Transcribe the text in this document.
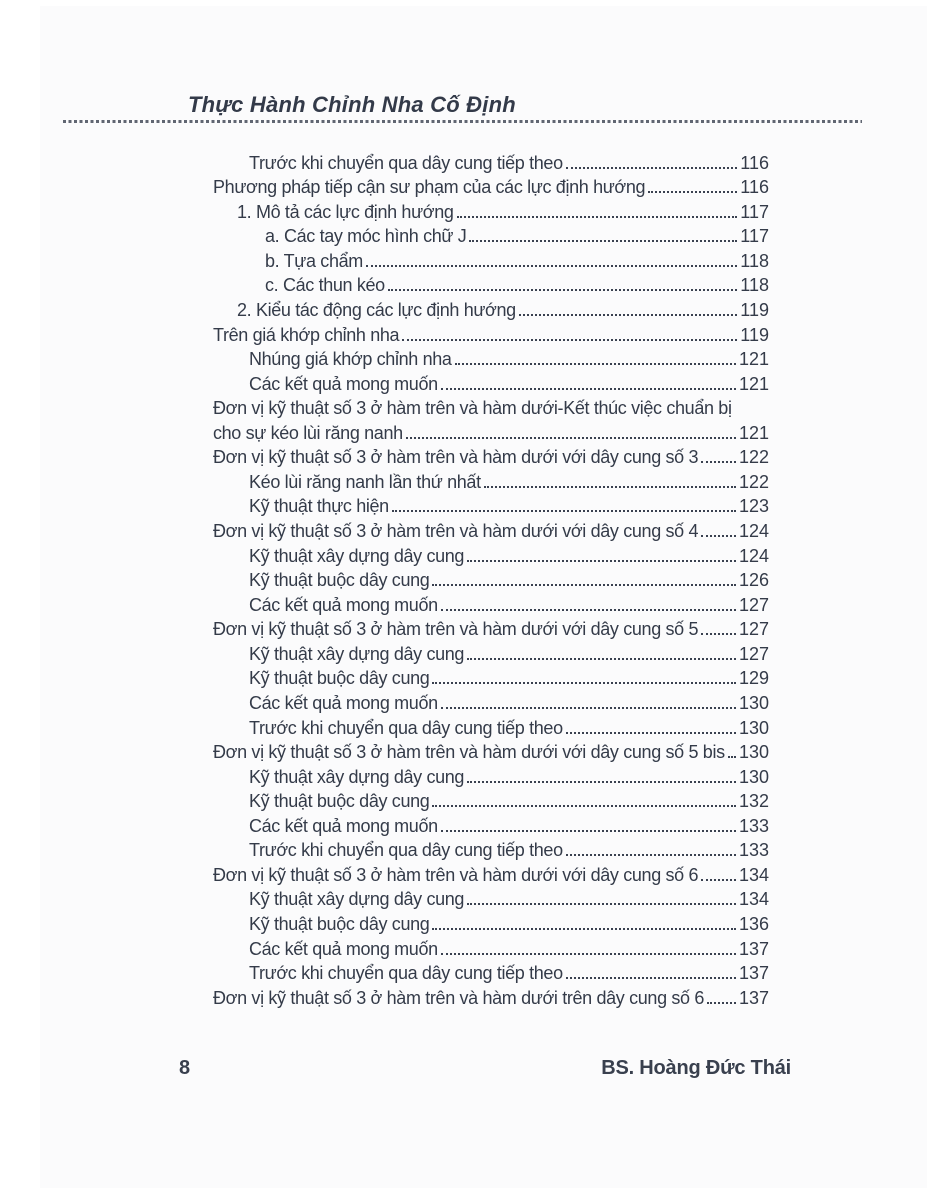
Thực Hành Chỉnh Nha Cố Định
Trước khi chuyển qua dây cung tiếp theo	116
Phương pháp tiếp cận sư phạm của các lực định hướng	116
1. Mô tả các lực định hướng	117
a. Các tay móc hình chữ J	117
b. Tựa chẩm	118
c. Các thun kéo	118
2. Kiểu tác động các lực định hướng	119
Trên giá khớp chỉnh nha	119
Nhúng giá khớp chỉnh nha	121
Các kết quả mong muốn	121
Đơn vị kỹ thuật số 3 ở hàm trên và hàm dưới-Kết thúc việc chuẩn bị
cho sự kéo lùi răng nanh	121
Đơn vị kỹ thuật số 3 ở hàm trên và hàm dưới với dây cung số 3 122
Kéo lùi răng nanh lần thứ nhất	122
Kỹ thuật thực hiện	123
Đơn vị kỹ thuật số 3 ở hàm trên và hàm dưới với dây cung số 4 124
Kỹ thuật xây dựng dây cung	124
Kỹ thuật buộc dây cung	126
Các kết quả mong muốn	127
Đơn vị kỹ thuật số 3 ở hàm trên và hàm dưới với dây cung số 5 127
Kỹ thuật xây dựng dây cung	127
Kỹ thuật buộc dây cung	129
Các kết quả mong muốn	130
Trước khi chuyển qua dây cung tiếp theo	130
Đơn vị kỹ thuật số 3 ở hàm trên và hàm dưới với dây cung số 5 bis 130
Kỹ thuật xây dựng dây cung	130
Kỹ thuật buộc dây cung	132
Các kết quả mong muốn	133
Trước khi chuyển qua dây cung tiếp theo	133
Đơn vị kỹ thuật số 3 ở hàm trên và hàm dưới với dây cung số 6 134
Kỹ thuật xây dựng dây cung	134
Kỹ thuật buộc dây cung	136
Các kết quả mong muốn	137
Trước khi chuyển qua dây cung tiếp theo	137
Đơn vị kỹ thuật số 3 ở hàm trên và hàm dưới trên dây cung số 6 137
8	BS. Hoàng Đức Thái
